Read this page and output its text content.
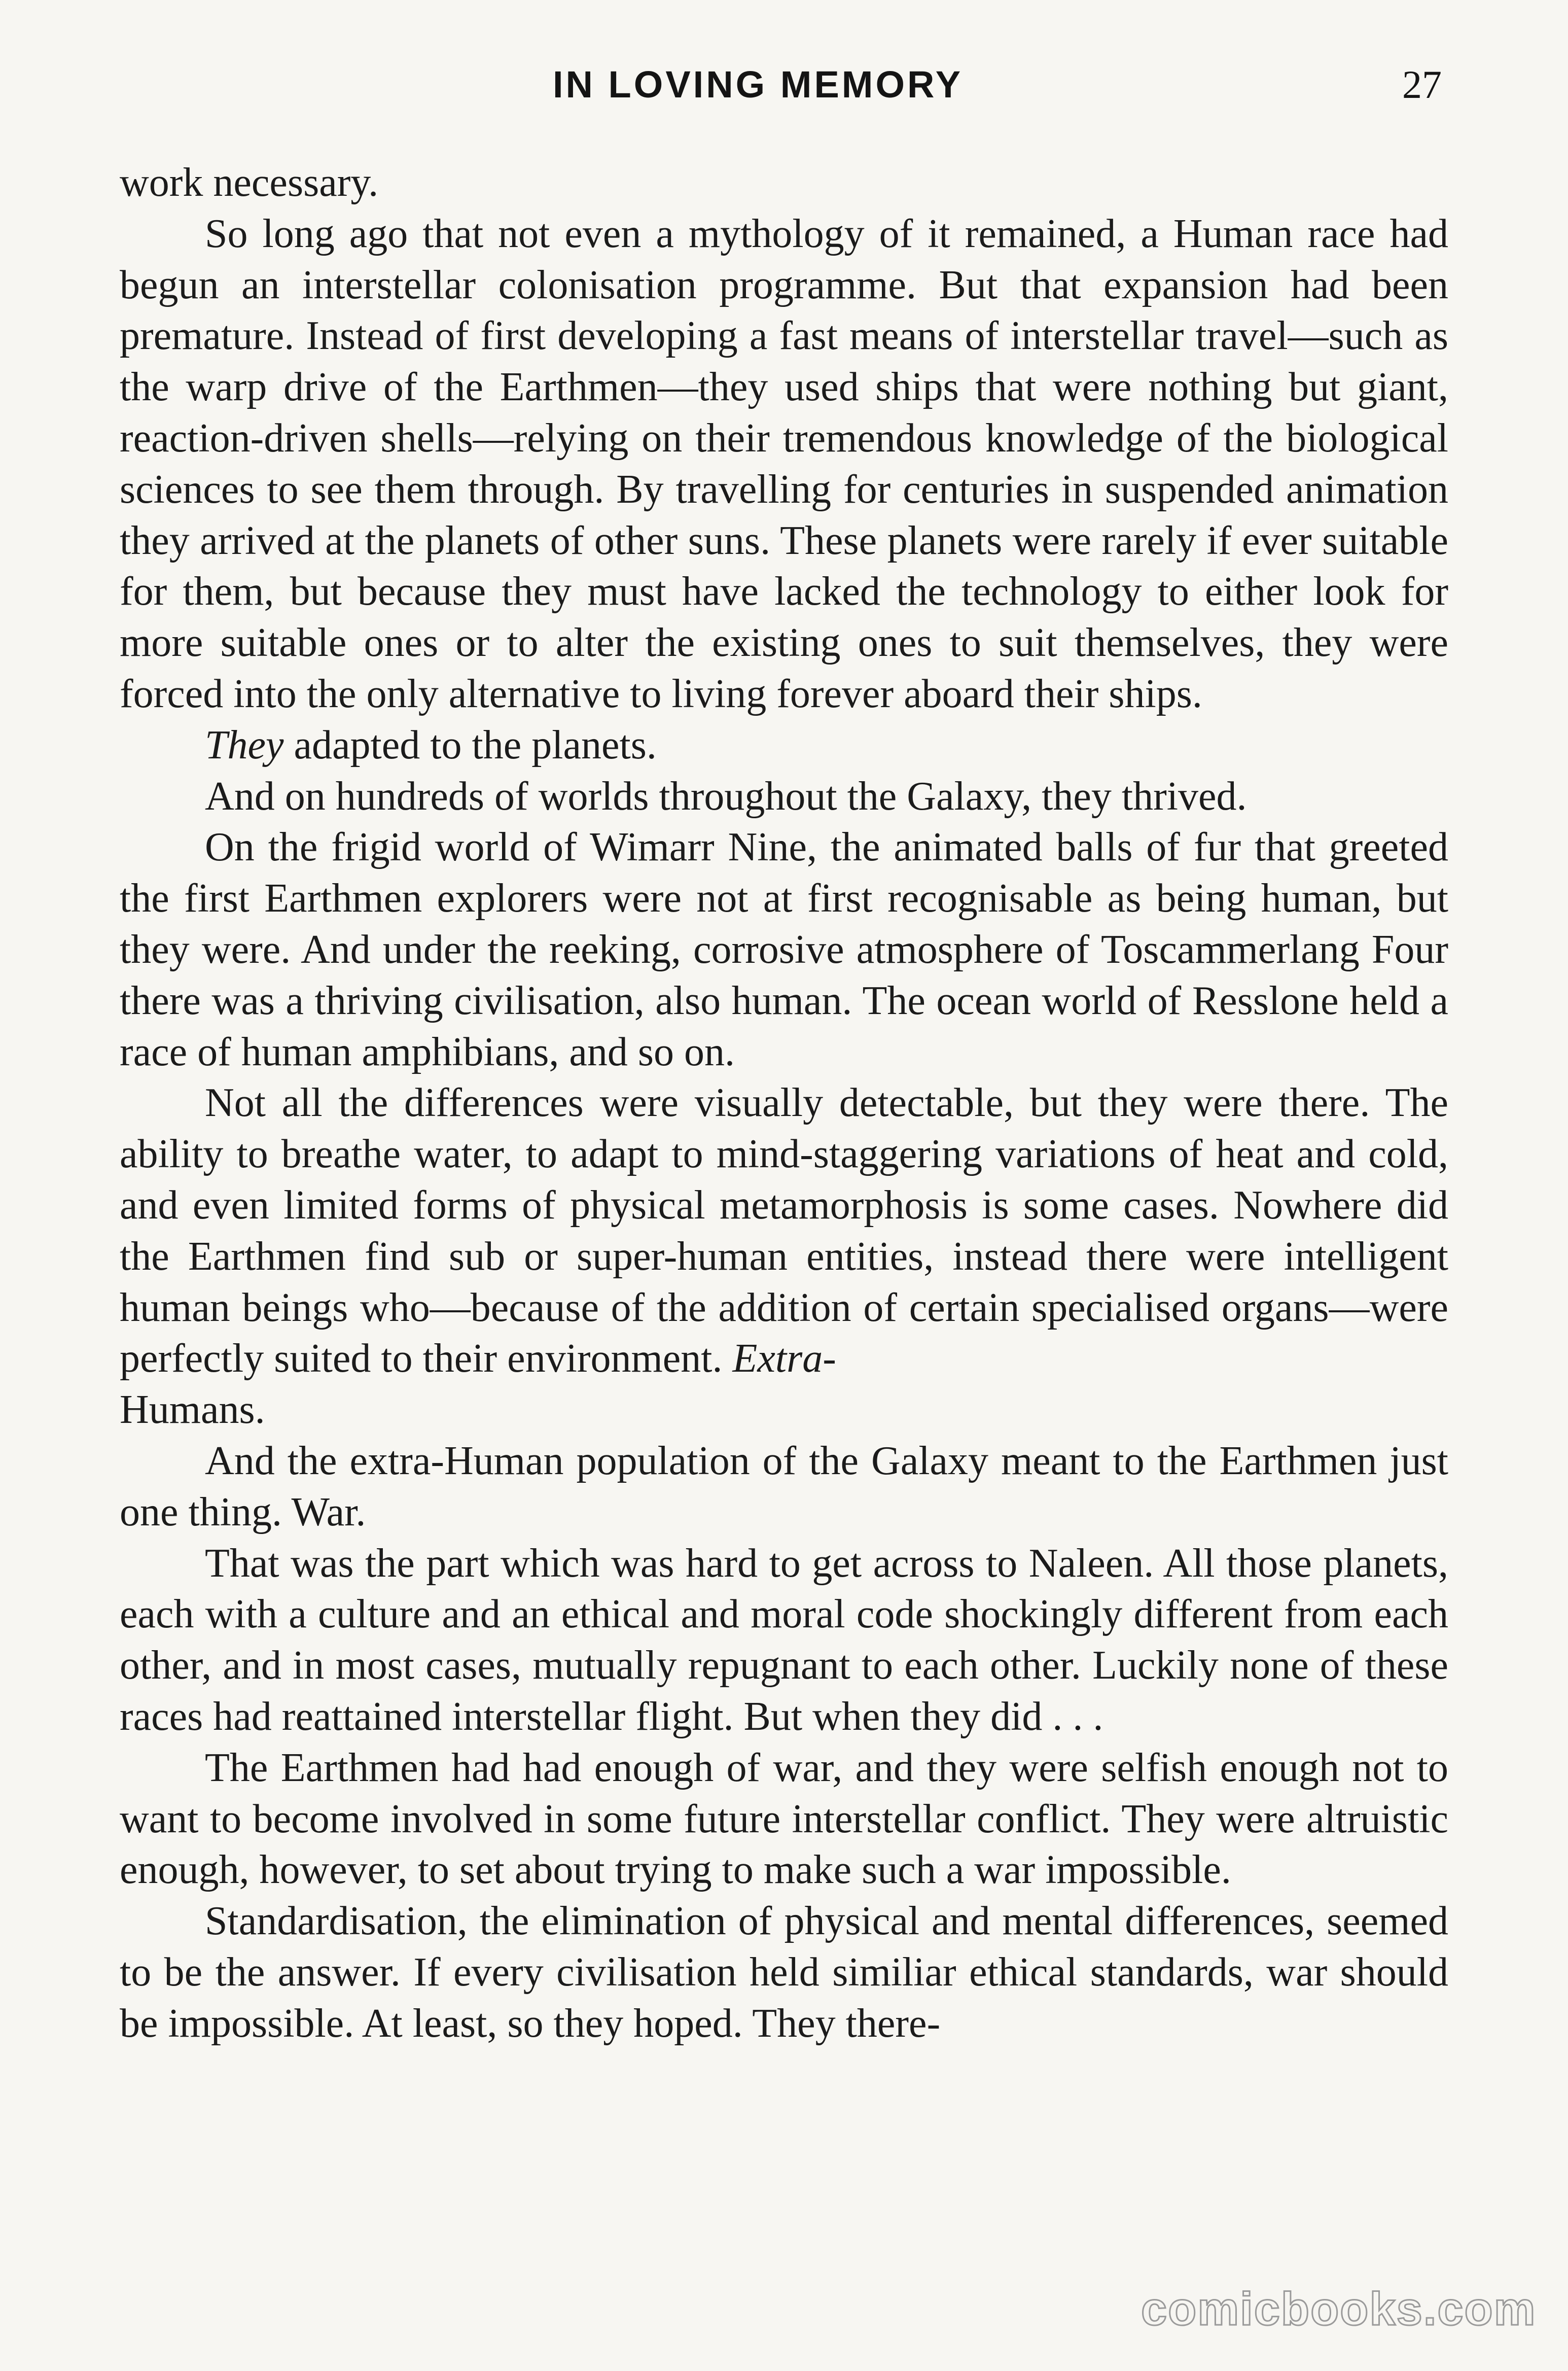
IN LOVING MEMORY	27

work necessary.

So long ago that not even a mythology of it remained, a Human race had begun an interstellar colonisation programme. But that expansion had been premature. Instead of first developing a fast means of interstellar travel—such as the warp drive of the Earthmen—they used ships that were nothing but giant, reaction-driven shells—relying on their tremendous knowledge of the biological sciences to see them through. By travelling for centuries in suspended animation they arrived at the planets of other suns. These planets were rarely if ever suitable for them, but because they must have lacked the technology to either look for more suitable ones or to alter the existing ones to suit themselves, they were forced into the only alternative to living forever aboard their ships.

They adapted to the planets.

And on hundreds of worlds throughout the Galaxy, they thrived.

On the frigid world of Wimarr Nine, the animated balls of fur that greeted the first Earthmen explorers were not at first recognisable as being human, but they were. And under the reeking, corrosive atmosphere of Toscammerlang Four there was a thriving civilisation, also human. The ocean world of Resslone held a race of human amphibians, and so on.

Not all the differences were visually detectable, but they were there. The ability to breathe water, to adapt to mind-staggering variations of heat and cold, and even limited forms of physical metamorphosis is some cases. Nowhere did the Earthmen find sub or super-human entities, instead there were intelligent human beings who—because of the addition of certain specialised organs—were perfectly suited to their environment. Extra-
Humans.

And the extra-Human population of the Galaxy meant to the Earthmen just one thing. War.

That was the part which was hard to get across to Naleen. All those planets, each with a culture and an ethical and moral code shockingly different from each other, and in most cases, mutually repugnant to each other. Luckily none of these races had reattained interstellar flight. But when they did . . .

The Earthmen had had enough of war, and they were selfish enough not to want to become involved in some future interstellar conflict. They were altruistic enough, however, to set about trying to make such a war impossible.

Standardisation, the elimination of physical and mental differences, seemed to be the answer. If every civilisation held similiar ethical standards, war should be impossible. At least, so they hoped. They there-

comicbooks.com
